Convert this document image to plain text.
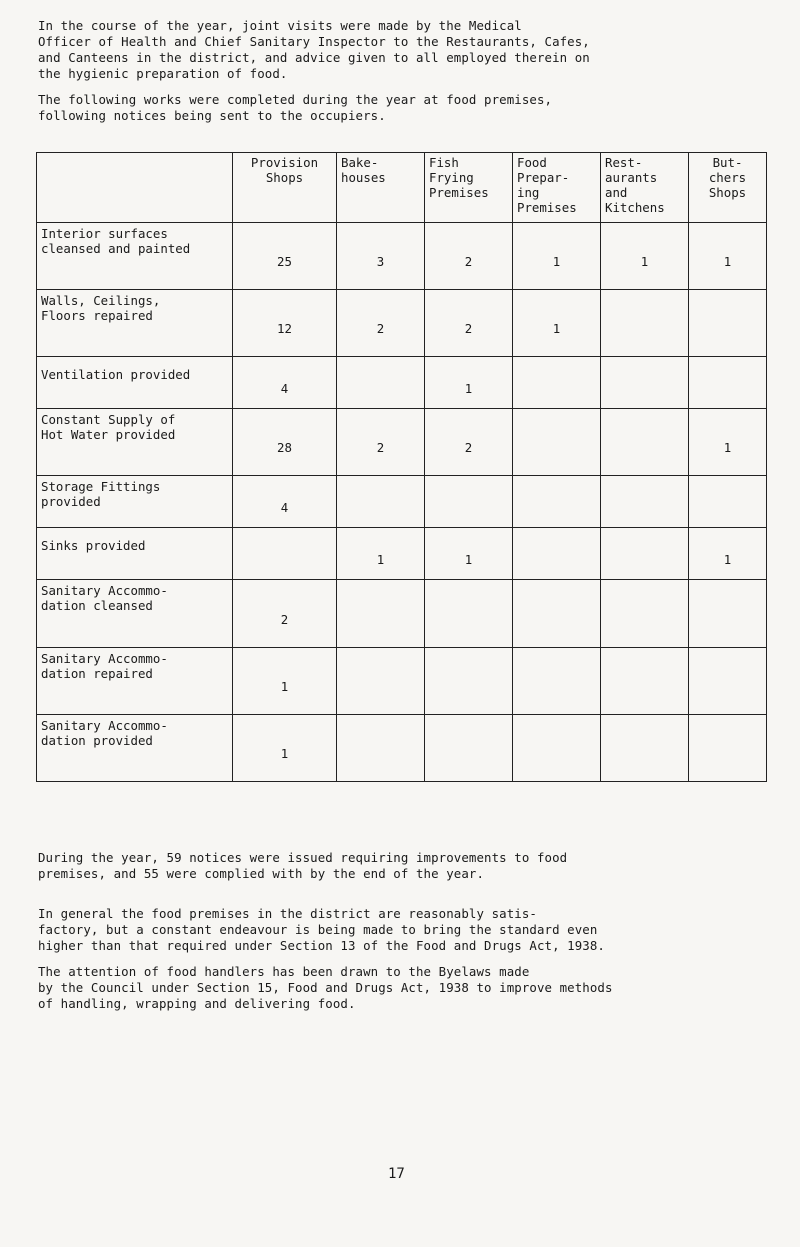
In the course of the year, joint visits were made by the Medical
Officer of Health and Chief Sanitary Inspector to the Restaurants, Cafes,
and Canteens in the district, and advice given to all employed therein on
the hygienic preparation of food.
The following works were completed during the year at food premises,
following notices being sent to the occupiers.
	Provision
Shops	Bake-
houses	Fish
Frying
Premises	Food
Prepar-
ing
Premises	Rest-
aurants
and
Kitchens	But-
chers
Shops
Interior surfaces
cleansed and painted	25	3	2	1	1	1
Walls, Ceilings,
Floors repaired	12	2	2	1		
Ventilation provided	4		1			
Constant Supply of
Hot Water provided	28	2	2			1
Storage Fittings
provided	4					
Sinks provided		1	1			1
Sanitary Accommo-
dation cleansed	2					
Sanitary Accommo-
dation repaired	1					
Sanitary Accommo-
dation provided	1					
During the year, 59 notices were issued requiring improvements to food
premises, and 55 were complied with by the end of the year.
In general the food premises in the district are reasonably satis-
factory, but a constant endeavour is being made to bring the standard even
higher than that required under Section 13 of the Food and Drugs Act, 1938.
The attention of food handlers has been drawn to the Byelaws made
by the Council under Section 15, Food and Drugs Act, 1938 to improve methods
of handling, wrapping and delivering food.
17
